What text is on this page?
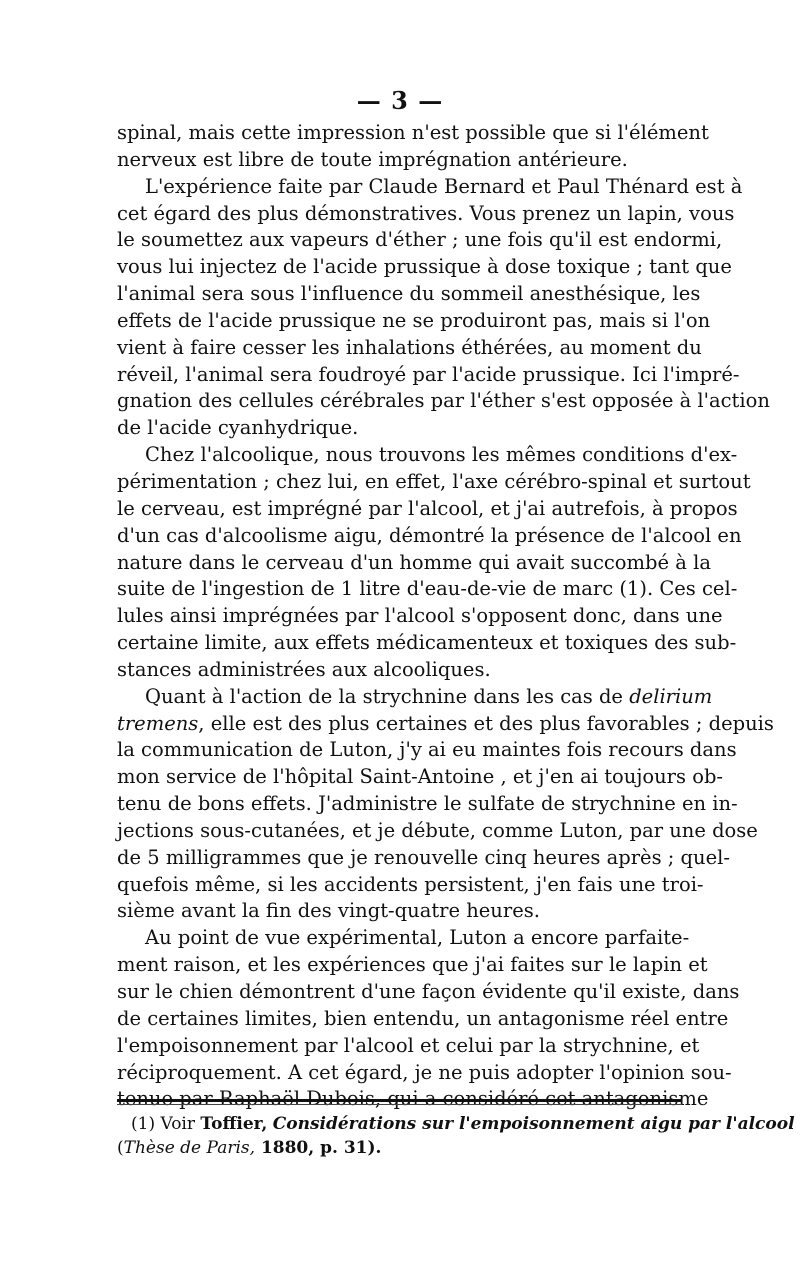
— 3 —
spinal, mais cette impression n'est possible que si l'élément
nerveux est libre de toute imprégnation antérieure.
L'expérience faite par Claude Bernard et Paul Thénard est à
cet égard des plus démonstratives. Vous prenez un lapin, vous
le soumettez aux vapeurs d'éther ; une fois qu'il est endormi,
vous lui injectez de l'acide prussique à dose toxique ; tant que
l'animal sera sous l'influence du sommeil anesthésique, les
effets de l'acide prussique ne se produiront pas, mais si l'on
vient à faire cesser les inhalations éthérées, au moment du
réveil, l'animal sera foudroyé par l'acide prussique. Ici l'impré-
gnation des cellules cérébrales par l'éther s'est opposée à l'action
de l'acide cyanhydrique.
Chez l'alcoolique, nous trouvons les mêmes conditions d'ex-
périmentation ; chez lui, en effet, l'axe cérébro-spinal et surtout
le cerveau, est imprégné par l'alcool, et j'ai autrefois, à propos
d'un cas d'alcoolisme aigu, démontré la présence de l'alcool en
nature dans le cerveau d'un homme qui avait succombé à la
suite de l'ingestion de 1 litre d'eau-de-vie de marc (1). Ces cel-
lules ainsi imprégnées par l'alcool s'opposent donc, dans une
certaine limite, aux effets médicamenteux et toxiques des sub-
stances administrées aux alcooliques.
Quant à l'action de la strychnine dans les cas de delirium
tremens, elle est des plus certaines et des plus favorables ; depuis
la communication de Luton, j'y ai eu maintes fois recours dans
mon service de l'hôpital Saint-Antoine , et j'en ai toujours ob-
tenu de bons effets. J'administre le sulfate de strychnine en in-
jections sous-cutanées, et je débute, comme Luton, par une dose
de 5 milligrammes que je renouvelle cinq heures après ; quel-
quefois même, si les accidents persistent, j'en fais une troi-
sième avant la fin des vingt-quatre heures.
Au point de vue expérimental, Luton a encore parfaite-
ment raison, et les expériences que j'ai faites sur le lapin et
sur le chien démontrent d'une façon évidente qu'il existe, dans
de certaines limites, bien entendu, un antagonisme réel entre
l'empoisonnement par l'alcool et celui par la strychnine, et
réciproquement. A cet égard, je ne puis adopter l'opinion sou-
tenue par Raphaël Dubois, qui a considéré cet antagonisme
(1) Voir Toffier, Considérations sur l'empoisonnement aigu par l'alcool
(Thèse de Paris, 1880, p. 31).
